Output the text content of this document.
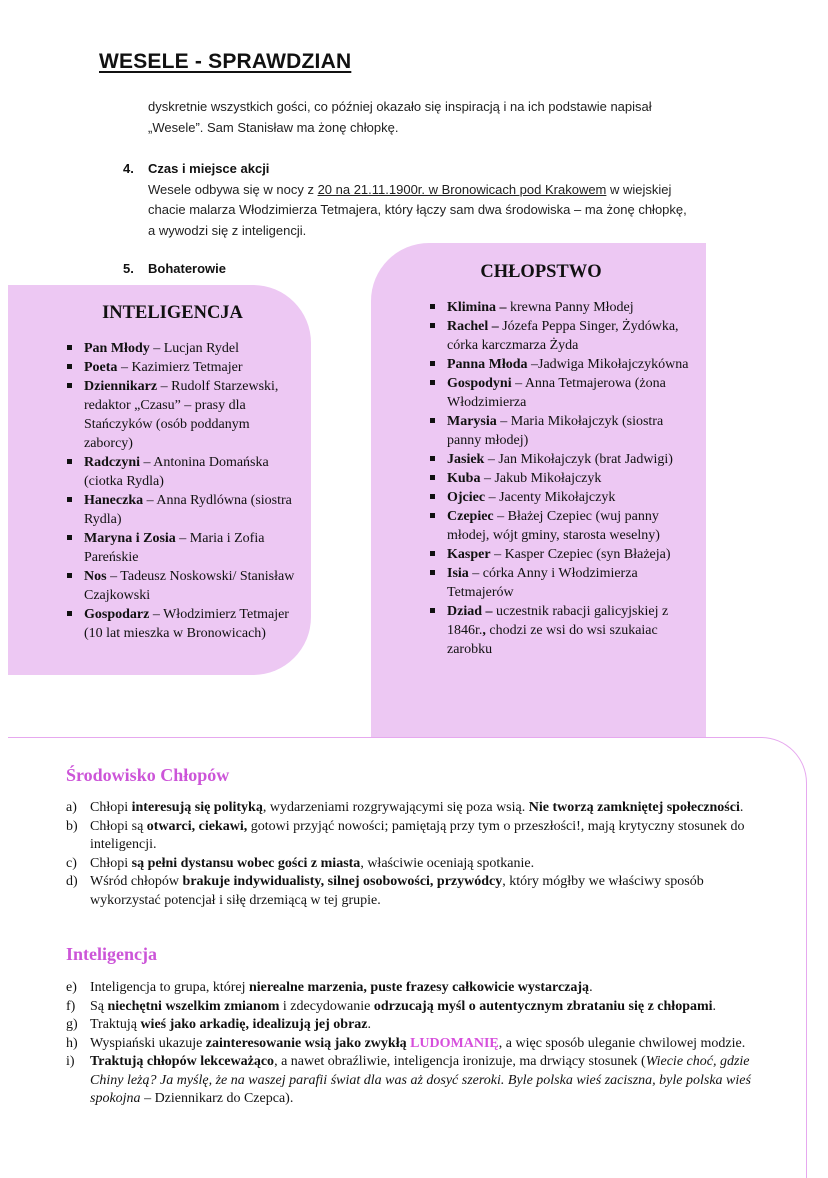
WESELE - SPRAWDZIAN
dyskretnie wszystkich gości, co później okazało się inspiracją i na ich podstawie napisał
„Wesele”. Sam Stanisław ma żonę chłopkę.
4. Czas i miejsce akcji
Wesele odbywa się w nocy z 20 na 21.11.1900r. w Bronowicach pod Krakowem w wiejskiej
chacie malarza Włodzimierza Tetmajera, który łączy sam dwa środowiska – ma żonę chłopkę,
a wywodzi się z inteligencji.
5. Bohaterowie
INTELIGENCJA
Pan Młody – Lucjan Rydel
Poeta – Kazimierz Tetmajer
Dziennikarz – Rudolf Starzewski, redaktor „Czasu” – prasy dla Stańczyków (osób poddanym zaborcy)
Radczyni – Antonina Domańska (ciotka Rydla)
Haneczka – Anna Rydlówna (siostra Rydla)
Maryna i Zosia – Maria i Zofia Pareńskie
Nos – Tadeusz Noskowski/ Stanisław Czajkowski
Gospodarz – Włodzimierz Tetmajer (10 lat mieszka w Bronowicach)
CHŁOPSTWO
Klimina – krewna Panny Młodej
Rachel – Józefa Peppa Singer, Żydówka, córka karczmarza Żyda
Panna Młoda –Jadwiga Mikołajczykówna
Gospodyni – Anna Tetmajerowa (żona Włodzimierza
Marysia – Maria Mikołajczyk (siostra panny młodej)
Jasiek – Jan Mikołajczyk (brat Jadwigi)
Kuba – Jakub Mikołajczyk
Ojciec – Jacenty Mikołajczyk
Czepiec – Błażej Czepiec (wuj panny młodej, wójt gminy, starosta weselny)
Kasper – Kasper Czepiec (syn Błażeja)
Isia – córka Anny i Włodzimierza Tetmajerów
Dziad – uczestnik rabacji galicyjskiej z 1846r., chodzi ze wsi do wsi szukaiac zarobku
Środowisko Chłopów
a) Chłopi interesują się polityką, wydarzeniami rozgrywającymi się poza wsią. Nie tworzą zamkniętej społeczności.
b) Chłopi są otwarci, ciekawi, gotowi przyjąć nowości; pamiętają przy tym o przeszłości!, mają krytyczny stosunek do inteligencji.
c) Chłopi są pełni dystansu wobec gości z miasta, właściwie oceniają spotkanie.
d) Wśród chłopów brakuje indywidualisty, silnej osobowości, przywódcy, który mógłby we właściwy sposób wykorzystać potencjał i siłę drzemiącą w tej grupie.
Inteligencja
e) Inteligencja to grupa, której nierealne marzenia, puste frazesy całkowicie wystarczają.
f) Są niechętni wszelkim zmianom i zdecydowanie odrzucają myśl o autentycznym zbrataniu się z chłopami.
g) Traktują wieś jako arkadię, idealizują jej obraz.
h) Wyspiański ukazuje zainteresowanie wsią jako zwykłą LUDOMANIĘ, a więc sposób uleganie chwilowej modzie.
i) Traktują chłopów lekceważąco, a nawet obraźliwie, inteligencja ironizuje, ma drwiący stosunek (Wiecie choć, gdzie Chiny leżą? Ja myślę, że na waszej parafii świat dla was aż dosyć szeroki. Byle polska wieś zaciszna, byle polska wieś spokojna – Dziennikarz do Czepca).
